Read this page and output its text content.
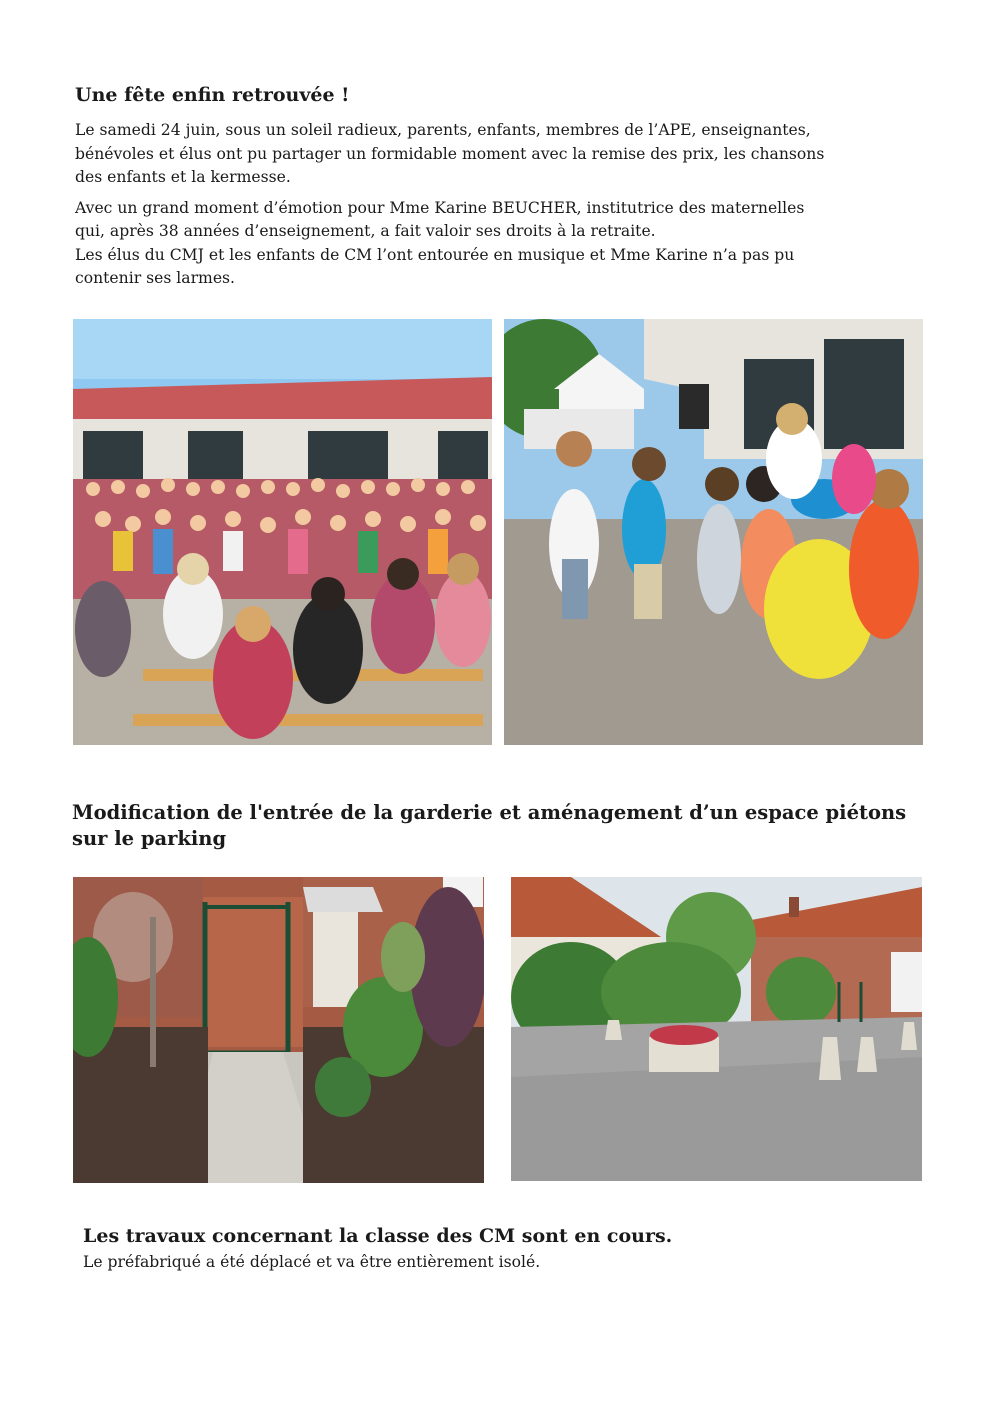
Une fête enfin retrouvée !

Le samedi 24 juin, sous un soleil radieux, parents, enfants, membres de l’APE, enseignantes,
bénévoles et élus ont pu partager un formidable moment avec la remise des prix, les chansons
des enfants et la kermesse.

Avec un grand moment d’émotion pour Mme Karine BEUCHER, institutrice des maternelles
qui, après 38 années d’enseignement, a fait valoir ses droits à la retraite.

Les élus du CMJ et les enfants de CM l’ont entourée en musique et Mme Karine n’a pas pu
contenir ses larmes.

Modification de l'entrée de la garderie et aménagement d’un espace piétons
sur le parking
Les travaux concernant la classe des CM sont en cours.

Le préfabriqué a été déplacé et va être entièrement isolé.
